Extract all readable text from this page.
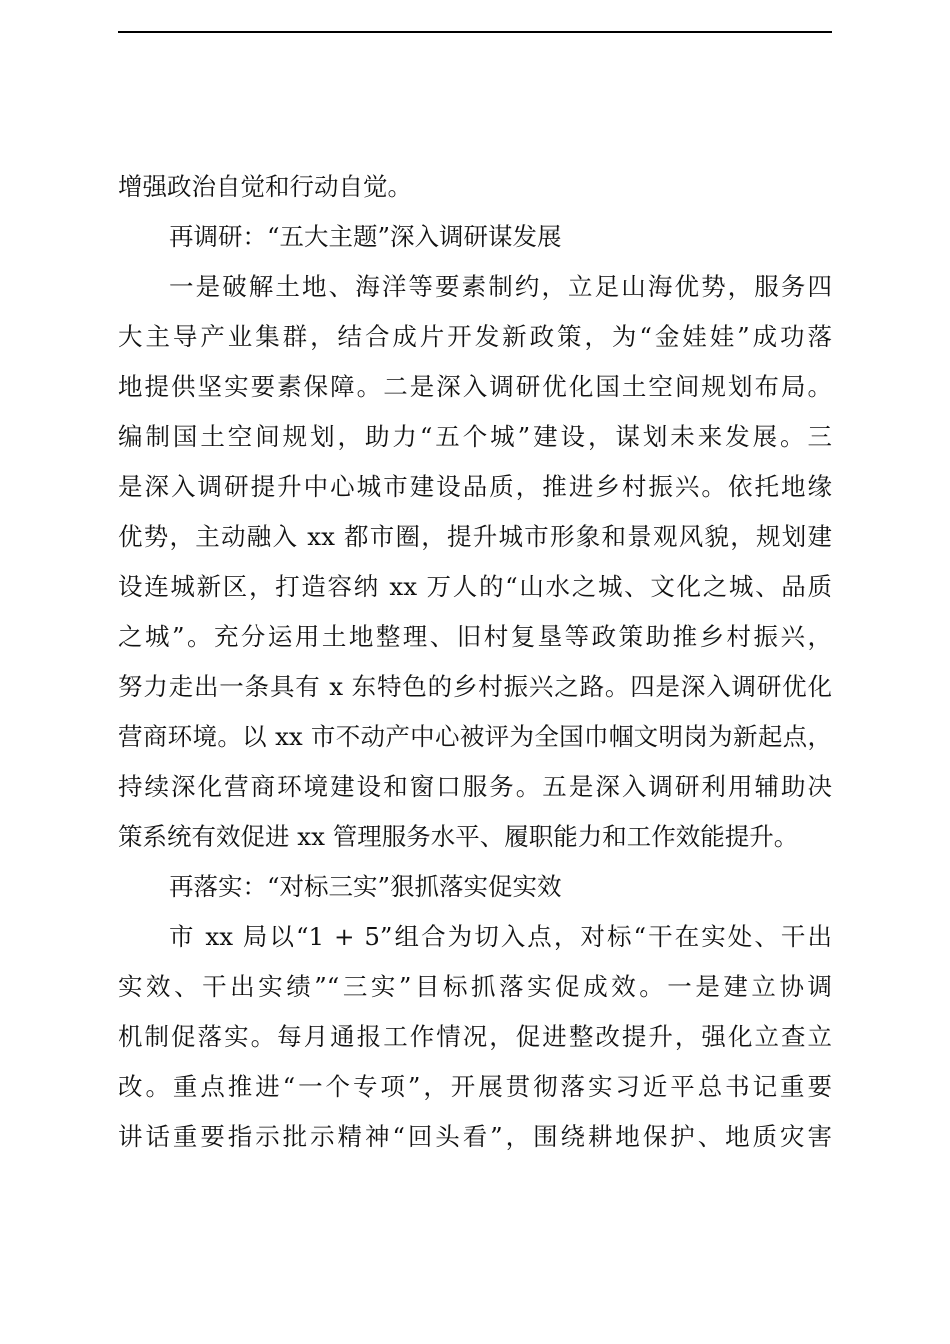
增强政治自觉和行动自觉。
再调研：“五大主题”深入调研谋发展
一是破解土地、海洋等要素制约，立足山海优势，服务四
大主导产业集群，结合成片开发新政策，为“金娃娃”成功落
地提供坚实要素保障。二是深入调研优化国土空间规划布局。
编制国土空间规划，助力“五个城”建设，谋划未来发展。三
是深入调研提升中心城市建设品质，推进乡村振兴。依托地缘
优势，主动融入 xx 都市圈，提升城市形象和景观风貌，规划建
设连城新区，打造容纳 xx 万人的“山水之城、文化之城、品质
之城”。充分运用土地整理、旧村复垦等政策助推乡村振兴，
努力走出一条具有 x 东特色的乡村振兴之路。四是深入调研优化
营商环境。以 xx 市不动产中心被评为全国巾帼文明岗为新起点，
持续深化营商环境建设和窗口服务。五是深入调研利用辅助决
策系统有效促进 xx 管理服务水平、履职能力和工作效能提升。
再落实：“对标三实”狠抓落实促实效
市 xx 局以“1 + 5”组合为切入点，对标“干在实处、干出
实效、干出实绩”“三实”目标抓落实促成效。一是建立协调
机制促落实。每月通报工作情况，促进整改提升，强化立查立
改。重点推进“一个专项”，开展贯彻落实习近平总书记重要
讲话重要指示批示精神“回头看”，围绕耕地保护、地质灾害
